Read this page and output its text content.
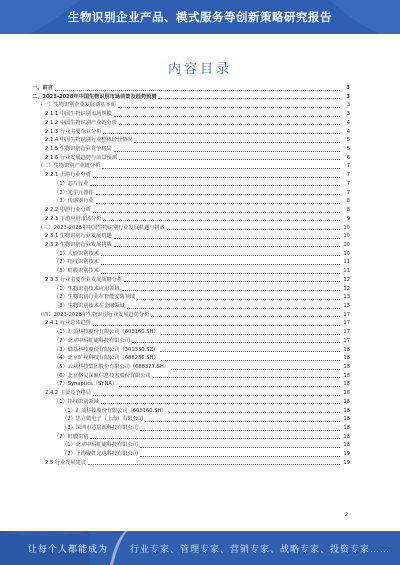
生物识别企业产品、模式服务等创新策略研究报告
内容目录
一、前言	3
二、2023-2028年中国生物识别市场前景及趋势预测	3
（一）生物识别企业发展新基本面	3
2.1.1 中国生物识别市场规模	3
2.1.2 中国生物识别产业链分析	4
2.1.3 行业主要企业分析	4
2.1.4 中国生物识别行业整体经营情况	5
2.1.5 生物识别行业竞争格局	5
2.1.6 行业发展趋势与前景预测	6
（二）生物识别产业链分析	7
2.2.1 上游行业分析	7
（1）芯片行业	7
（2）光学元器件	7
（3）传感器行业	8
2.2.2 中游行业分析	8
2.2.3 下游应用市场分析	9
（三）2023-2028年中国生物识别行业发展机遇与挑战	10
2.3.1 生物识别行业发展机遇	10
2.3.2 生物识别行业发展挑战	10
（1）人脸识别技术	10
（2）指纹识别技术	11
（3）虹膜识别技术	11
2.3.3 行业主要企业发展战略分析	12
（1）生物识别技术应用领域	12
（2）生物识别行业在智能安防领域	13
（3）生物识别技术在金融领域	13
（四）2023-2028年生物识别行业发展趋势分析	17
2.4.1 行业总体趋势	17
（1）汇顶科技股份有限公司（603160.SH）	17
（2）北京中科虹霸科技有限公司	17
（3）熵基科技股份有限公司（301330.SZ）	18
（4）北京旷视科技有限公司（688236.SH）	18
（5）云从科技集团股份有限公司（688327.SH）	18
（6）北京格灵深瞳信息技术股份有限公司	18
（7）Synaptics（SYNA）	18
2.4.2 主要竞争格局	18
（1）指纹识别领域	18
（1）汇顶科技股份有限公司（603160.SH）	18
（2）思立微电子（上海）有限公司	18
（3）深圳市芯启源科技有限公司	18
（2）虹膜识别	18
（1）北京中科虹霸科技有限公司	18
（2）上海聚虹光电科技有限公司	19
2.5 行业发展建议	19
2
让每个人都能成为 行业专家、管理专家、营销专家、战略专家、投资专家……
